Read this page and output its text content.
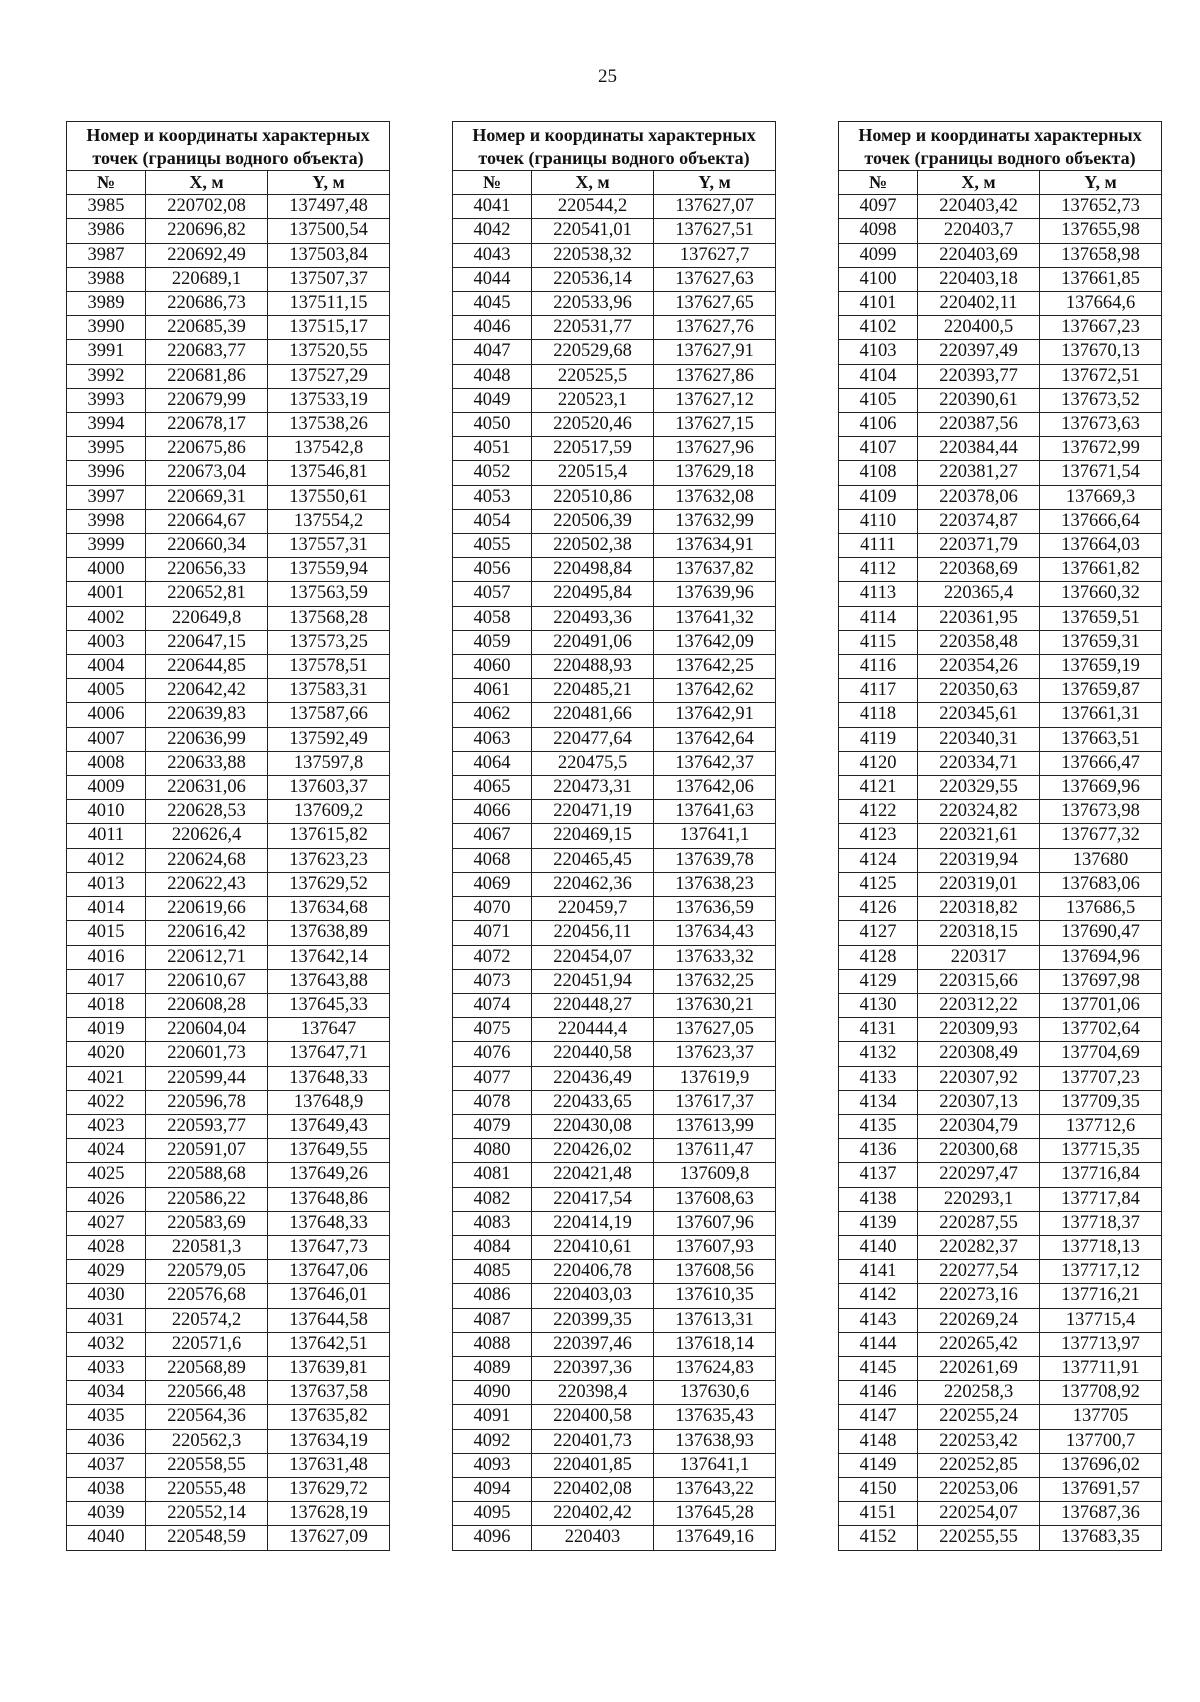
25
Номер и координаты характерных точек (границы водного объекта)		
№	X, м	Y, м
3985	220702,08	137497,48
3986	220696,82	137500,54
3987	220692,49	137503,84
3988	220689,1	137507,37
3989	220686,73	137511,15
3990	220685,39	137515,17
3991	220683,77	137520,55
3992	220681,86	137527,29
3993	220679,99	137533,19
3994	220678,17	137538,26
3995	220675,86	137542,8
3996	220673,04	137546,81
3997	220669,31	137550,61
3998	220664,67	137554,2
3999	220660,34	137557,31
4000	220656,33	137559,94
4001	220652,81	137563,59
4002	220649,8	137568,28
4003	220647,15	137573,25
4004	220644,85	137578,51
4005	220642,42	137583,31
4006	220639,83	137587,66
4007	220636,99	137592,49
4008	220633,88	137597,8
4009	220631,06	137603,37
4010	220628,53	137609,2
4011	220626,4	137615,82
4012	220624,68	137623,23
4013	220622,43	137629,52
4014	220619,66	137634,68
4015	220616,42	137638,89
4016	220612,71	137642,14
4017	220610,67	137643,88
4018	220608,28	137645,33
4019	220604,04	137647
4020	220601,73	137647,71
4021	220599,44	137648,33
4022	220596,78	137648,9
4023	220593,77	137649,43
4024	220591,07	137649,55
4025	220588,68	137649,26
4026	220586,22	137648,86
4027	220583,69	137648,33
4028	220581,3	137647,73
4029	220579,05	137647,06
4030	220576,68	137646,01
4031	220574,2	137644,58
4032	220571,6	137642,51
4033	220568,89	137639,81
4034	220566,48	137637,58
4035	220564,36	137635,82
4036	220562,3	137634,19
4037	220558,55	137631,48
4038	220555,48	137629,72
4039	220552,14	137628,19
4040	220548,59	137627,09
Номер и координаты характерных точек (границы водного объекта)		
№	X, м	Y, м
4041	220544,2	137627,07
4042	220541,01	137627,51
4043	220538,32	137627,7
4044	220536,14	137627,63
4045	220533,96	137627,65
4046	220531,77	137627,76
4047	220529,68	137627,91
4048	220525,5	137627,86
4049	220523,1	137627,12
4050	220520,46	137627,15
4051	220517,59	137627,96
4052	220515,4	137629,18
4053	220510,86	137632,08
4054	220506,39	137632,99
4055	220502,38	137634,91
4056	220498,84	137637,82
4057	220495,84	137639,96
4058	220493,36	137641,32
4059	220491,06	137642,09
4060	220488,93	137642,25
4061	220485,21	137642,62
4062	220481,66	137642,91
4063	220477,64	137642,64
4064	220475,5	137642,37
4065	220473,31	137642,06
4066	220471,19	137641,63
4067	220469,15	137641,1
4068	220465,45	137639,78
4069	220462,36	137638,23
4070	220459,7	137636,59
4071	220456,11	137634,43
4072	220454,07	137633,32
4073	220451,94	137632,25
4074	220448,27	137630,21
4075	220444,4	137627,05
4076	220440,58	137623,37
4077	220436,49	137619,9
4078	220433,65	137617,37
4079	220430,08	137613,99
4080	220426,02	137611,47
4081	220421,48	137609,8
4082	220417,54	137608,63
4083	220414,19	137607,96
4084	220410,61	137607,93
4085	220406,78	137608,56
4086	220403,03	137610,35
4087	220399,35	137613,31
4088	220397,46	137618,14
4089	220397,36	137624,83
4090	220398,4	137630,6
4091	220400,58	137635,43
4092	220401,73	137638,93
4093	220401,85	137641,1
4094	220402,08	137643,22
4095	220402,42	137645,28
4096	220403	137649,16
Номер и координаты характерных точек (границы водного объекта)		
№	X, м	Y, м
4097	220403,42	137652,73
4098	220403,7	137655,98
4099	220403,69	137658,98
4100	220403,18	137661,85
4101	220402,11	137664,6
4102	220400,5	137667,23
4103	220397,49	137670,13
4104	220393,77	137672,51
4105	220390,61	137673,52
4106	220387,56	137673,63
4107	220384,44	137672,99
4108	220381,27	137671,54
4109	220378,06	137669,3
4110	220374,87	137666,64
4111	220371,79	137664,03
4112	220368,69	137661,82
4113	220365,4	137660,32
4114	220361,95	137659,51
4115	220358,48	137659,31
4116	220354,26	137659,19
4117	220350,63	137659,87
4118	220345,61	137661,31
4119	220340,31	137663,51
4120	220334,71	137666,47
4121	220329,55	137669,96
4122	220324,82	137673,98
4123	220321,61	137677,32
4124	220319,94	137680
4125	220319,01	137683,06
4126	220318,82	137686,5
4127	220318,15	137690,47
4128	220317	137694,96
4129	220315,66	137697,98
4130	220312,22	137701,06
4131	220309,93	137702,64
4132	220308,49	137704,69
4133	220307,92	137707,23
4134	220307,13	137709,35
4135	220304,79	137712,6
4136	220300,68	137715,35
4137	220297,47	137716,84
4138	220293,1	137717,84
4139	220287,55	137718,37
4140	220282,37	137718,13
4141	220277,54	137717,12
4142	220273,16	137716,21
4143	220269,24	137715,4
4144	220265,42	137713,97
4145	220261,69	137711,91
4146	220258,3	137708,92
4147	220255,24	137705
4148	220253,42	137700,7
4149	220252,85	137696,02
4150	220253,06	137691,57
4151	220254,07	137687,36
4152	220255,55	137683,35
